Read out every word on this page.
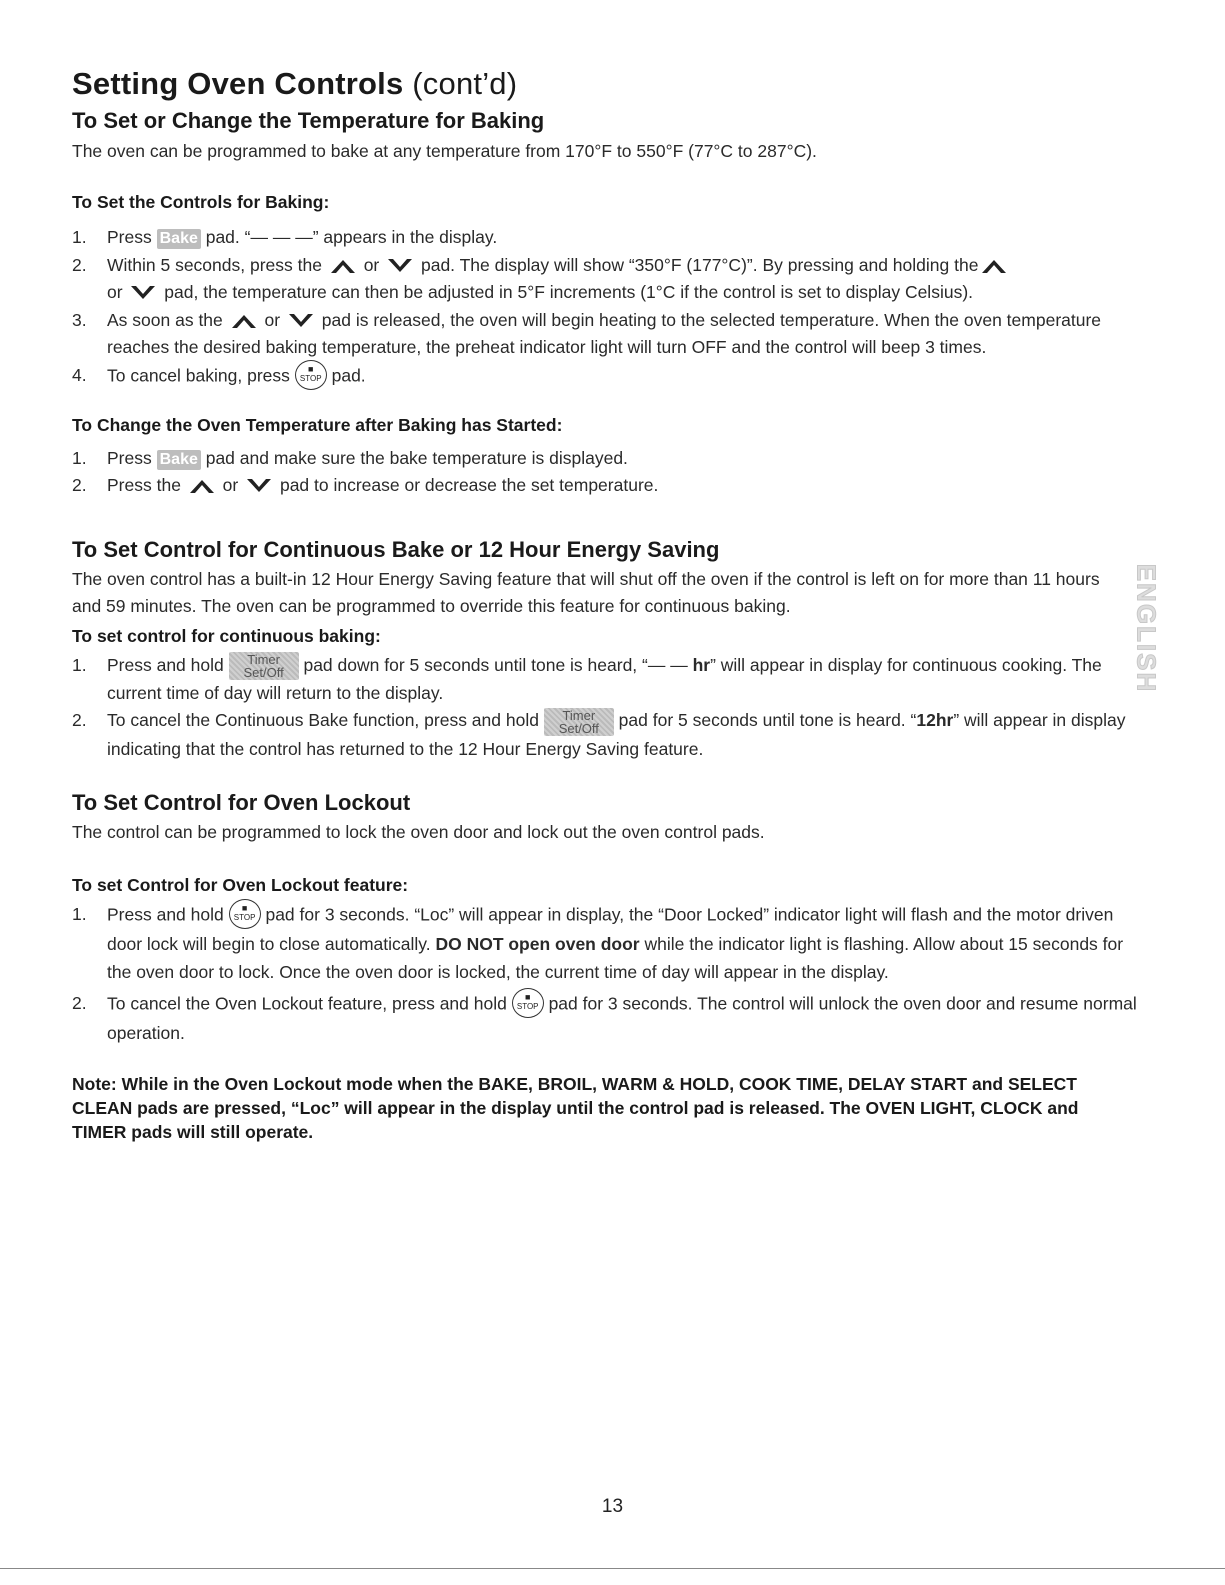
Setting Oven Controls (cont’d)
To Set or Change the Temperature for Baking

The oven can be programmed to bake at any temperature from 170°F to 550°F (77°C to 287°C).

To Set the Controls for Baking:
1. Press Bake pad. “— — —” appears in the display.
2. Within 5 seconds, press the  or  pad. The display will show “350°F (177°C)”. By pressing and holding the
or  pad, the temperature can then be adjusted in 5°F increments (1°C if the control is set to display Celsius).
3. As soon as the  or  pad is released, the oven will begin heating to the selected temperature. When the oven temperature reaches the desired baking temperature, the preheat indicator light will turn OFF and the control will beep 3 times.
4. To cancel baking, press	■
STOP pad.
To Change the Oven Temperature after Baking has Started:
1. Press Bake pad and make sure the bake temperature is displayed.
2. Press the  or  pad to increase or decrease the set temperature.
To Set Control for Continuous Bake or 12 Hour Energy Saving

The oven control has a built-in 12 Hour Energy Saving feature that will shut off the oven if the control is left on for more than 11 hours and 59 minutes. The oven can be programmed to override this feature for continuous baking.

To set control for continuous baking:
1. Press and hold	Timer
Set/Off pad down for 5 seconds until tone is heard, “— — hr” will appear in display for continuous cooking. The current time of day will return to the display.
2. To cancel the Continuous Bake function, press and hold	Timer
Set/Off pad for 5 seconds until tone is heard. “12hr” will appear in display indicating that the control has returned to the 12 Hour Energy Saving feature.
To Set Control for Oven Lockout

The control can be programmed to lock the oven door and lock out the oven control pads.

To set Control for Oven Lockout feature:
1. Press and hold	■
STOP pad for 3 seconds. “Loc” will appear in display, the “Door Locked” indicator light will flash and the motor driven door lock will begin to close automatically. DO NOT open oven door while the indicator light is flashing. Allow about 15 seconds for the oven door to lock. Once the oven door is locked, the current time of day will appear in the display.
2. To cancel the Oven Lockout feature, press and hold	■
STOP pad for 3 seconds. The control will unlock the oven door and resume normal operation.

Note: While in the Oven Lockout mode when the BAKE, BROIL, WARM & HOLD, COOK TIME, DELAY START and SELECT CLEAN pads are pressed, “Loc” will appear in the display until the control pad is released. The OVEN LIGHT, CLOCK and TIMER pads will still operate.

ENGLISH
13
